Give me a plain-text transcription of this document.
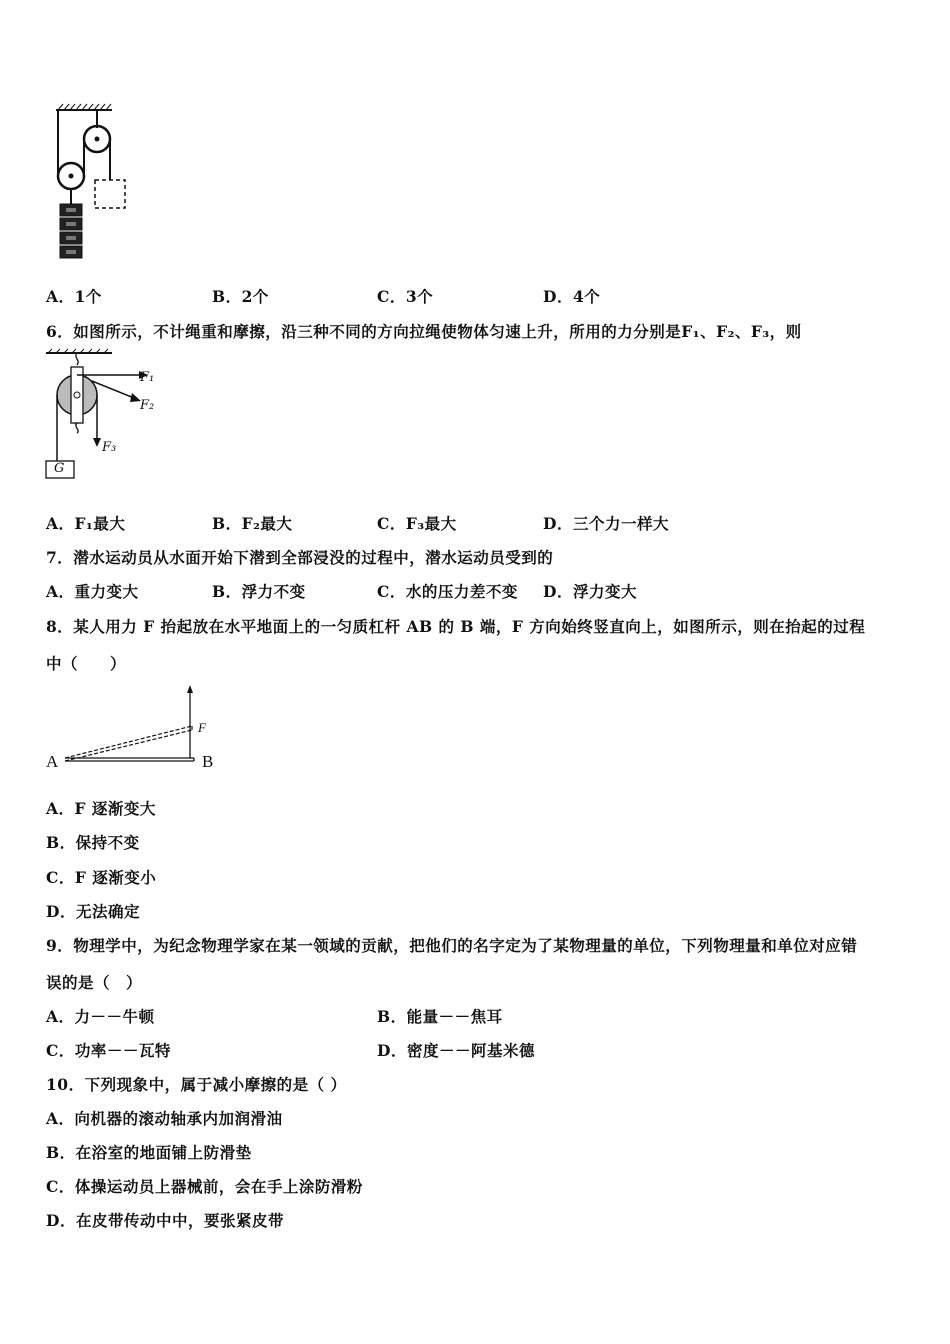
A．1个	B．2个	C．3个	D．4个
6．如图所示，不计绳重和摩擦，沿三种不同的方向拉绳使物体匀速上升，所用的力分别是F₁、F₂、F₃，则
F₁
F₂
F₃
G
A．F₁最大	B．F₂最大	C．F₃最大	D．三个力一样大
7．潜水运动员从水面开始下潜到全部浸没的过程中，潜水运动员受到的
A．重力变大	B．浮力不变	C．水的压力差不变 D．浮力变大
8．某人用力 F 抬起放在水平地面上的一匀质杠杆 AB 的 B 端，F 方向始终竖直向上，如图所示，则在抬起的过程
中（　　）
A	B
F
A．F 逐渐变大
B．保持不变
C．F 逐渐变小
D．无法确定
9．物理学中，为纪念物理学家在某一领域的贡献，把他们的名字定为了某物理量的单位，下列物理量和单位对应错
误的是（　）
A．力－－牛顿	B．能量－－焦耳
C．功率－－瓦特	D．密度－－阿基米德
10．下列现象中，属于减小摩擦的是（ ）
A．向机器的滚动轴承内加润滑油
B．在浴室的地面铺上防滑垫
C．体操运动员上器械前，会在手上涂防滑粉
D．在皮带传动中中，要张紧皮带
